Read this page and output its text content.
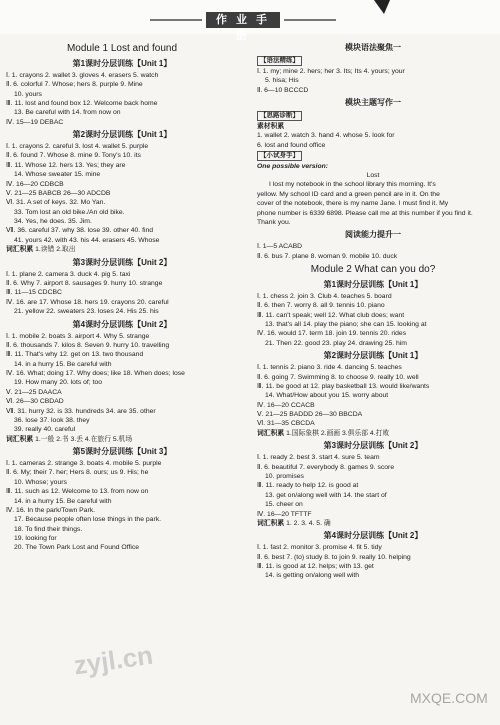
作 业 手 册
Module 1 Lost and found
第1课时分层训练【Unit 1】
Ⅰ. 1. crayons 2. wallet 3. gloves 4. erasers 5. watch
Ⅱ. 6. colorful 7. Whose; hers 8. purple 9. Mine
10. yours
Ⅲ. 11. lost and found box 12. Welcome back home
13. Be careful with 14. from now on
Ⅳ. 15—19 DEBAC
第2课时分层训练【Unit 1】
Ⅰ. 1. crayons 2. careful 3. lost 4. wallet 5. purple
Ⅱ. 6. found 7. Whose 8. mine 9. Tony's 10. its
Ⅲ. 11. Whose 12. hers 13. Yes; they are
14. Whose sweater 15. mine
Ⅳ. 16—20 CDBCB
Ⅴ. 21—25 BABCB 26—30 ADCDB
Ⅵ. 31. A set of keys. 32. Mo Yan.
33. Tom lost an old bike./An old bike.
34. Yes, he does. 35. Jim.
Ⅶ. 36. careful 37. why 38. lose 39. other 40. find
41. yours 42. with 43. his 44. erasers 45. Whose
词汇积累 1.读错 2.取出
第3课时分层训练【Unit 2】
Ⅰ. 1. plane 2. camera 3. duck 4. pig 5. taxi
Ⅱ. 6. Why 7. airport 8. sausages 9. hurry 10. strange
Ⅲ. 11—15 CDCBC
Ⅳ. 16. are 17. Whose 18. hers 19. crayons 20. careful
21. yellow 22. sweaters 23. loses 24. His 25. his
第4课时分层训练【Unit 2】
Ⅰ. 1. mobile 2. boats 3. airport 4. Why 5. strange
Ⅱ. 6. thousands 7. kilos 8. Seven 9. hurry 10. travelling
Ⅲ. 11. That's why 12. get on 13. two thousand
14. in a hurry 15. Be careful with
Ⅳ. 16. What; doing 17. Why does; like 18. When does; lose
19. How many 20. lots of; too
Ⅴ. 21—25 DAACA
Ⅵ. 26—30 CBDAD
Ⅶ. 31. hurry 32. is 33. hundreds 34. are 35. other
36. lose 37. look 38. they
39. really 40. careful
词汇积累 1.一般 2.书 3.丢 4.在旅行 5.机场
第5课时分层训练【Unit 3】
Ⅰ. 1. cameras 2. strange 3. boats 4. mobile 5. purple
Ⅱ. 6. My; their 7. her; Hers 8. ours; us 9. His; he
10. Whose; yours
Ⅲ. 11. such as 12. Welcome to 13. from now on
14. in a hurry 15. Be careful with
Ⅳ. 16. In the park/Town Park.
17. Because people often lose things in the park.
18. To find their things.
19. looking for
20. The Town Park Lost and Found Office
模块语法聚焦一
【语法精练】
Ⅰ. 1. my; mine 2. hers; her 3. Its; Its 4. yours; your
5. hisa; His
Ⅱ. 6—10 BCCCD
模块主题写作一
【思路诊断】
素材积累
1. wallet 2. watch 3. hand 4. whose 5. look for
6. lost and found office
【小试身手】
One possible version:
Lost
I lost my notebook in the school library this morning. It's
yellow. My school ID card and a green pencil are in it. On the
cover of the notebook, there is my name Jane. I must find it. My
phone number is 6339 6898. Please call me at this number if you find it.
Thank you.
阅读能力提升一
Ⅰ. 1—5 ACABD
Ⅱ. 6. bus 7. plane 8. woman 9. mobile 10. duck
Module 2 What can you do?
第1课时分层训练【Unit 1】
Ⅰ. 1. chess 2. join 3. Club 4. teaches 5. board
Ⅱ. 6. then 7. worry 8. all 9. tennis 10. piano
Ⅲ. 11. can't speak; well 12. What club does; want
13. that's all 14. play the piano; she can 15. looking at
Ⅳ. 16. would 17. term 18. join 19. tennis 20. rides
21. Then 22. good 23. play 24. drawing 25. him
第2课时分层训练【Unit 1】
Ⅰ. 1. tennis 2. piano 3. ride 4. dancing 5. teaches
Ⅱ. 6. going 7. Swimming 8. to choose 9. really 10. well
Ⅲ. 11. be good at 12. play basketball 13. would like/wants
14. What/How about you 15. worry about
Ⅳ. 16—20 CCACB
Ⅴ. 21—25 BADDD 26—30 BBCDA
Ⅵ. 31—35 CBCDA
词汇积累 1.国际象棋 2.画画 3.俱乐部 4.打败
第3课时分层训练【Unit 2】
Ⅰ. 1. ready 2. best 3. start 4. sure 5. team
Ⅱ. 6. beautiful 7. everybody 8. games 9. score
10. promises
Ⅲ. 11. ready to help 12. is good at
13. get on/along well with 14. the start of
15. cheer on
Ⅳ. 16—20 TFTTF
词汇积累 1. 2. 3. 4. 5. 确
第4课时分层训练【Unit 2】
Ⅰ. 1. fast 2. monitor 3. promise 4. fit 5. tidy
Ⅱ. 6. best 7. (to) study 8. to join 9. really 10. helping
Ⅲ. 11. is good at 12. helps; with 13. get
14. is getting on/along well with
zyjl.cn
MXQE.COM
